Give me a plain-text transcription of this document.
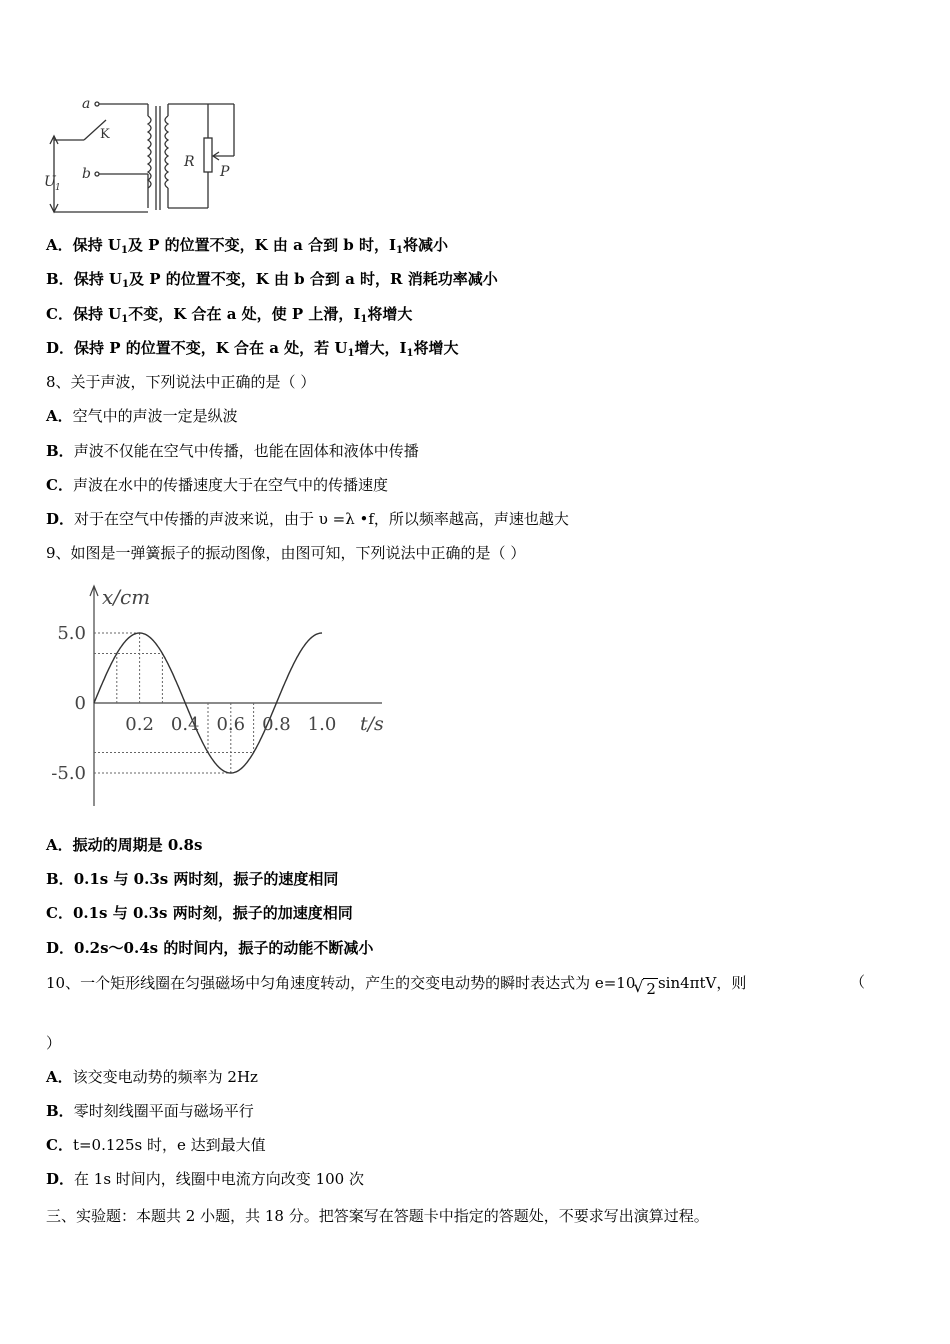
a
b
R
P
U 1
K
A．保持 $U_1$及 P 的位置不变，K 由 a 合到 b 时，$I_1$将减小
B．保持 $U_1$及 P 的位置不变，K 由 b 合到 a 时，R 消耗功率减小
C．保持 $U_1$不变，K 合在 a 处，使 P 上滑，$I_1$将增大
D．保持 P 的位置不变，K 合在 a 处，若 $U_1$增大，$I_1$将增大
8、关于声波，下列说法中正确的是（ ）
A．空气中的声波一定是纵波
B．声波不仅能在空气中传播，也能在固体和液体中传播
C．声波在水中的传播速度大于在空气中的传播速度
D．对于在空气中传播的声波来说，由于 υ =λ •f，所以频率越高，声速也越大
9、如图是一弹簧振子的振动图像，由图可知，下列说法中正确的是（ ）
0.2 0.4 0.6 0.8 1.0
5.0
0
-5.0
x/cm
t/s
A．振动的周期是 0.8s
B．0.1s 与 0.3s 两时刻，振子的速度相同
C．0.1s 与 0.3s 两时刻，振子的加速度相同
D．0.2s～0.4s 的时间内，振子的动能不断减小
10、一个矩形线圈在匀强磁场中匀角速度转动，产生的交变电动势的瞬时表达式为 e=10√ 2 sin4πtV，则	（
）
A．该交变电动势的频率为 2Hz
B．零时刻线圈平面与磁场平行
C．t=0.125s 时，e 达到最大值
D．在 1s 时间内，线圈中电流方向改变 100 次
三、实验题：本题共 2 小题，共 18 分。把答案写在答题卡中指定的答题处，不要求写出演算过程。
